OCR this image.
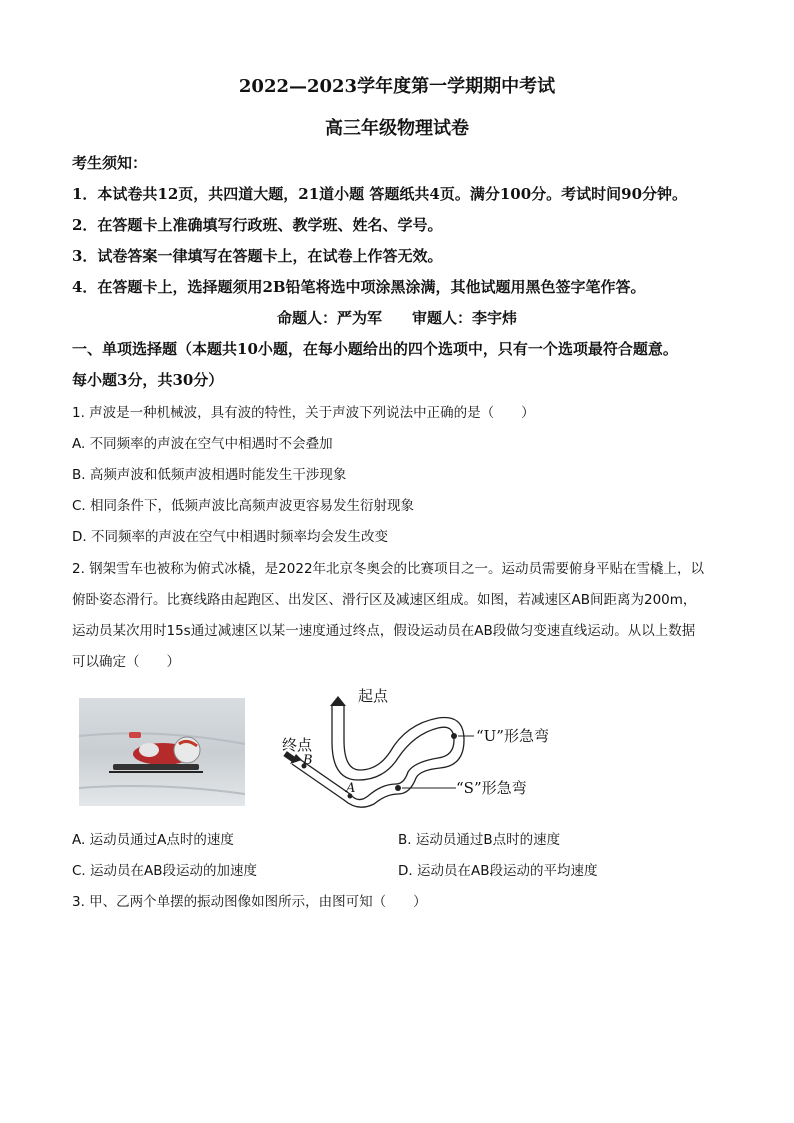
2022—2023学年度第一学期期中考试
高三年级物理试卷
考生须知：
1．本试卷共12页，共四道大题，21道小题 答题纸共4页。满分100分。考试时间90分钟。
2．在答题卡上准确填写行政班、教学班、姓名、学号。
3．试卷答案一律填写在答题卡上，在试卷上作答无效。
4．在答题卡上，选择题须用2B铅笔将选中项涂黑涂满，其他试题用黑色签字笔作答。
命题人：严为军　　审题人：李宇炜
一、单项选择题（本题共10小题，在每小题给出的四个选项中，只有一个选项最符合题意。
每小题3分，共30分）
1. 声波是一种机械波，具有波的特性，关于声波下列说法中正确的是（　　）
A. 不同频率的声波在空气中相遇时不会叠加
B. 高频声波和低频声波相遇时能发生干涉现象
C. 相同条件下，低频声波比高频声波更容易发生衍射现象
D. 不同频率的声波在空气中相遇时频率均会发生改变
2. 钢架雪车也被称为俯式冰橇，是2022年北京冬奥会的比赛项目之一。运动员需要俯身平贴在雪橇上，以
俯卧姿态滑行。比赛线路由起跑区、出发区、滑行区及减速区组成。如图，若减速区AB间距离为200m，
运动员某次用时15s通过减速区以某一速度通过终点，假设运动员在AB段做匀变速直线运动。从以上数据
可以确定（　　）
起点
终点	“U”形急弯
“S”形急弯
A
B
A. 运动员通过A点时的速度	B. 运动员通过B点时的速度
C. 运动员在AB段运动的加速度	D. 运动员在AB段运动的平均速度
3. 甲、乙两个单摆的振动图像如图所示，由图可知（　　）
